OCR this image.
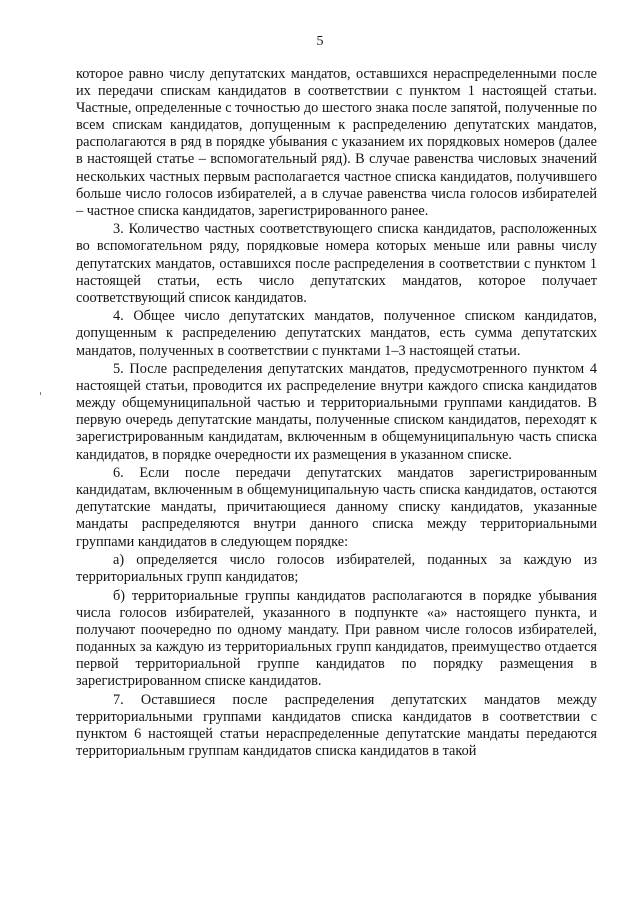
5

которое равно числу депутатских мандатов, оставшихся нераспределенными после их передачи спискам кандидатов в соответствии с пунктом 1 настоящей статьи. Частные, определенные с точностью до шестого знака после запятой, полученные по всем спискам кандидатов, допущенным к распределению депутатских мандатов, располагаются в ряд в порядке убывания с указанием их порядковых номеров (далее в настоящей статье – вспомогательный ряд). В случае равенства числовых значений нескольких частных первым располагается частное списка кандидатов, получившего больше число голосов избирателей, а в случае равенства числа голосов избирателей – частное списка кандидатов, зарегистрированного ранее.

3. Количество частных соответствующего списка кандидатов, расположенных во вспомогательном ряду, порядковые номера которых меньше или равны числу депутатских мандатов, оставшихся после распределения в соответствии с пунктом 1 настоящей статьи, есть число депутатских мандатов, которое получает соответствующий список кандидатов.

4. Общее число депутатских мандатов, полученное списком кандидатов, допущенным к распределению депутатских мандатов, есть сумма депутатских мандатов, полученных в соответствии с пунктами 1–3 настоящей статьи.

5. После распределения депутатских мандатов, предусмотренного пунктом 4 настоящей статьи, проводится их распределение внутри каждого списка кандидатов между общемуниципальной частью и территориальными группами кандидатов. В первую очередь депутатские мандаты, полученные списком кандидатов, переходят к зарегистрированным кандидатам, включенным в общемуниципальную часть списка кандидатов, в порядке очередности их размещения в указанном списке.

6. Если после передачи депутатских мандатов зарегистрированным кандидатам, включенным в общемуниципальную часть списка кандидатов, остаются депутатские мандаты, причитающиеся данному списку кандидатов, указанные мандаты распределяются внутри данного списка между территориальными группами кандидатов в следующем порядке:

а) определяется число голосов избирателей, поданных за каждую из территориальных групп кандидатов;

б) территориальные группы кандидатов располагаются в порядке убывания числа голосов избирателей, указанного в подпункте «а» настоящего пункта, и получают поочередно по одному мандату. При равном числе голосов избирателей, поданных за каждую из территориальных групп кандидатов, преимущество отдается первой территориальной группе кандидатов по порядку размещения в зарегистрированном списке кандидатов.

7. Оставшиеся после распределения депутатских мандатов между территориальными группами кандидатов списка кандидатов в соответствии с пунктом 6 настоящей статьи нераспределенные депутатские мандаты передаются территориальным группам кандидатов списка кандидатов в такой
